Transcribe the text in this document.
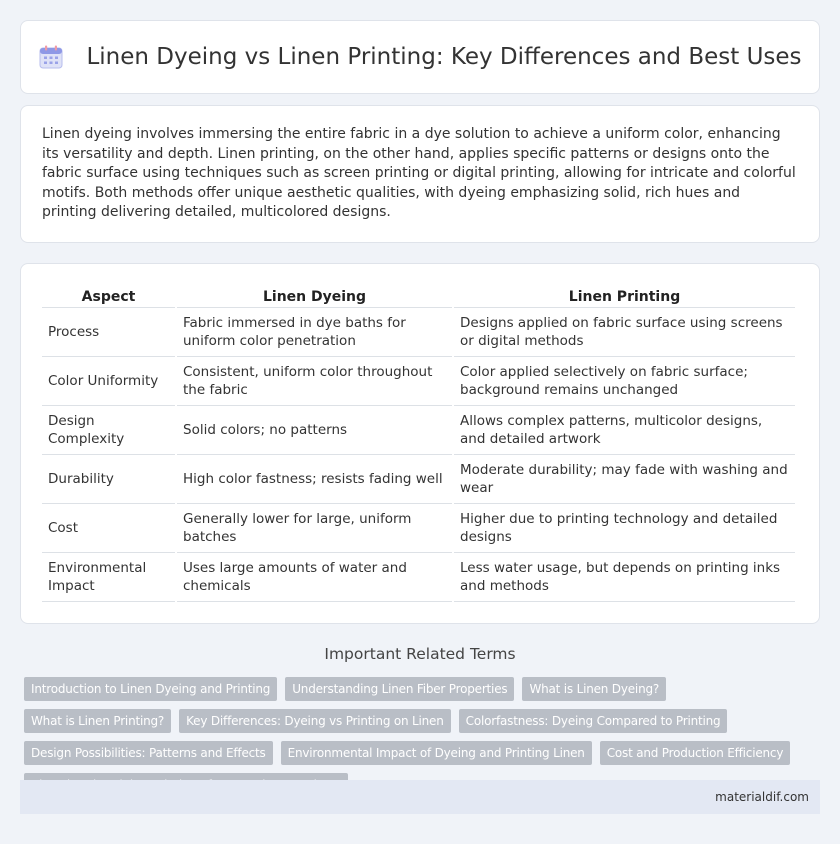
Linen Dyeing vs Linen Printing: Key Differences and Best Uses

Linen dyeing involves immersing the entire fabric in a dye solution to achieve a uniform color, enhancing its versatility and depth. Linen printing, on the other hand, applies specific patterns or designs onto the fabric surface using techniques such as screen printing or digital printing, allowing for intricate and colorful motifs. Both methods offer unique aesthetic qualities, with dyeing emphasizing solid, rich hues and printing delivering detailed, multicolored designs.

Aspect	Linen Dyeing	Linen Printing
Process	Fabric immersed in dye baths for uniform color penetration	Designs applied on fabric surface using screens or digital methods
Color Uniformity	Consistent, uniform color throughout the fabric	Color applied selectively on fabric surface; background remains unchanged
Design Complexity	Solid colors; no patterns	Allows complex patterns, multicolor designs, and detailed artwork
Durability	High color fastness; resists fading well	Moderate durability; may fade with washing and wear
Cost	Generally lower for large, uniform batches	Higher due to printing technology and detailed designs
Environmental Impact	Uses large amounts of water and chemicals	Less water usage, but depends on printing inks and methods
Important Related Terms
Introduction to Linen Dyeing and Printing	Understanding Linen Fiber Properties	What is Linen Dyeing?
What is Linen Printing?	Key Differences: Dyeing vs Printing on Linen	Colorfastness: Dyeing Compared to Printing
Design Possibilities: Patterns and Effects	Environmental Impact of Dyeing and Printing Linen	Cost and Production Efficiency
materialdif.com
